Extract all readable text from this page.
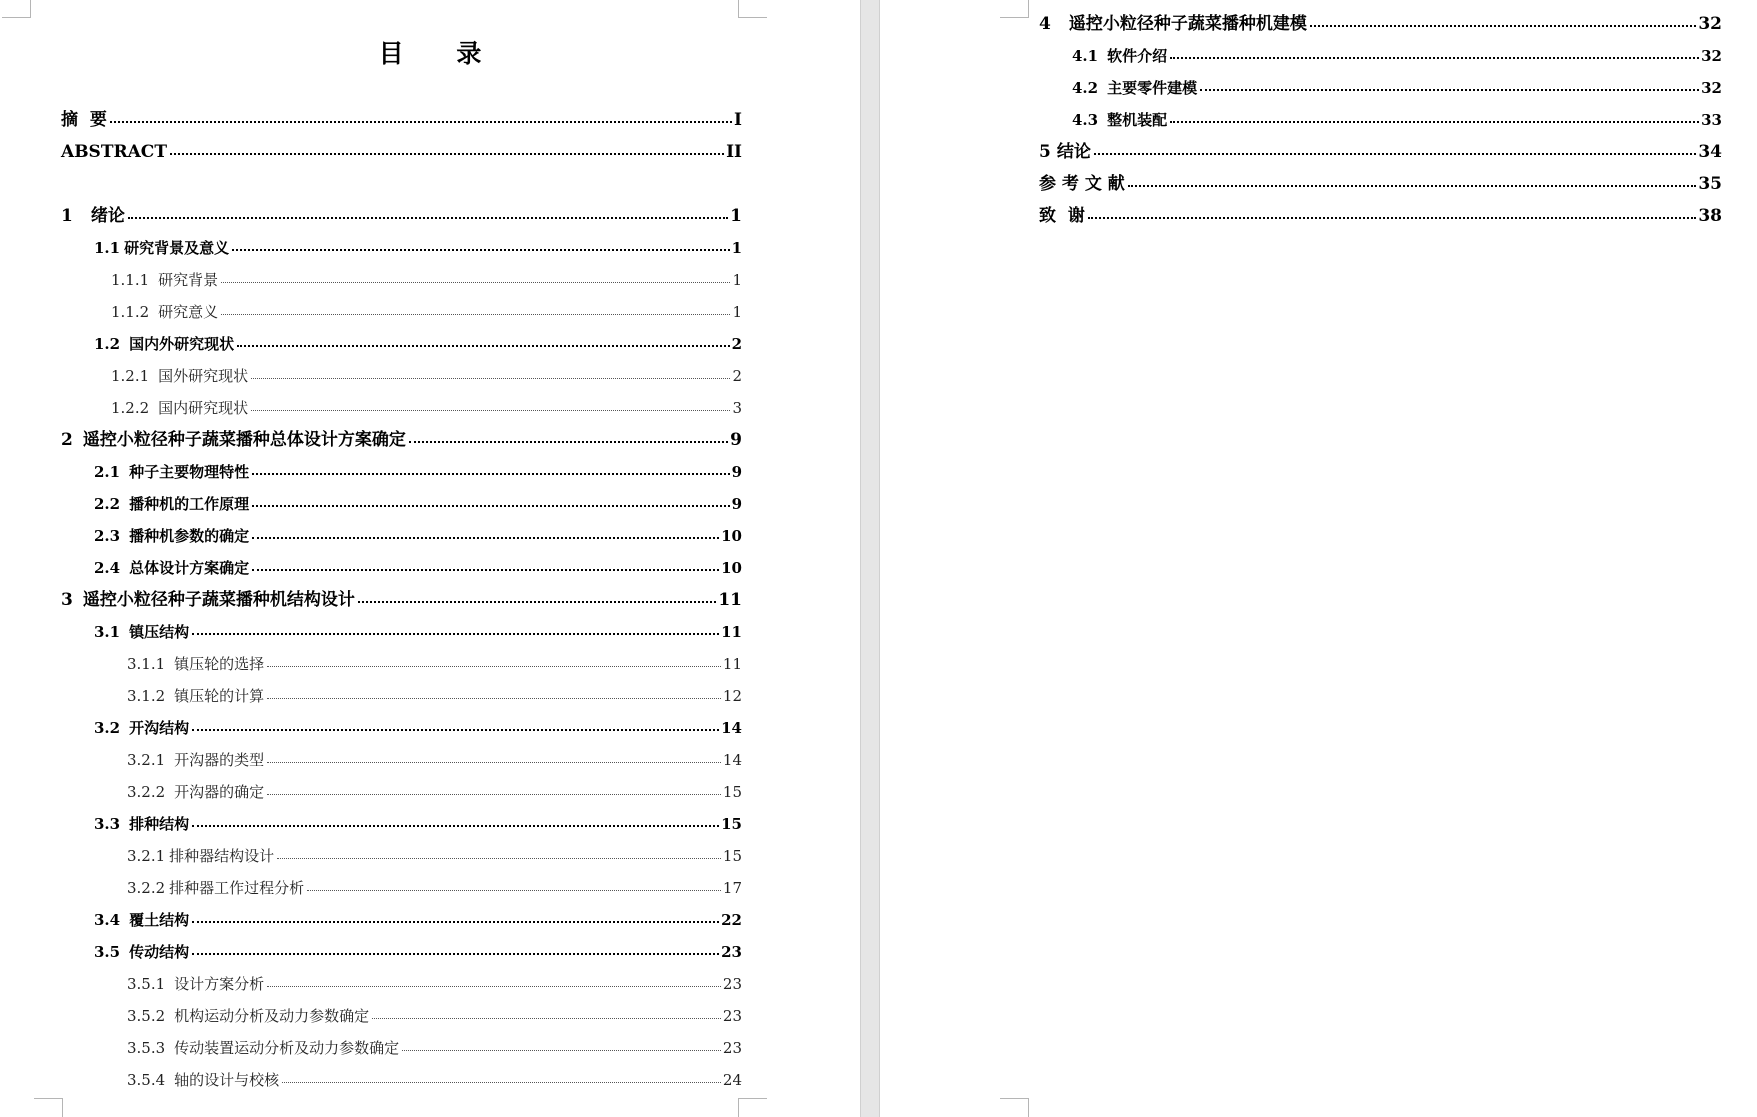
目 录
摘  要	I
ABSTRACT	II
1 绪论	1
1.1 研究背景及意义	1
1.1.1 研究背景	1
1.1.2 研究意义	1
1.2 国内外研究现状	2
1.2.1 国外研究现状	2
1.2.2 国内研究现状	3
2 遥控小粒径种子蔬菜播种总体设计方案确定	9
2.1 种子主要物理特性	9
2.2 播种机的工作原理	9
2.3 播种机参数的确定	10
2.4 总体设计方案确定	10
3 遥控小粒径种子蔬菜播种机结构设计	11
3.1 镇压结构	11
3.1.1 镇压轮的选择	11
3.1.2 镇压轮的计算	12
3.2 开沟结构	14
3.2.1 开沟器的类型	14
3.2.2 开沟器的确定	15
3.3 排种结构	15
3.2.1 排种器结构设计	15
3.2.2 排种器工作过程分析	17
3.4 覆土结构	22
3.5 传动结构	23
3.5.1 设计方案分析	23
3.5.2 机构运动分析及动力参数确定	23
3.5.3 传动装置运动分析及动力参数确定	23
3.5.4 轴的设计与校核	24
4 遥控小粒径种子蔬菜播种机建模	32
4.1 软件介绍	32
4.2 主要零件建模	32
4.3 整机装配	33
5 结论	34
参 考 文 献	35
致  谢	38
